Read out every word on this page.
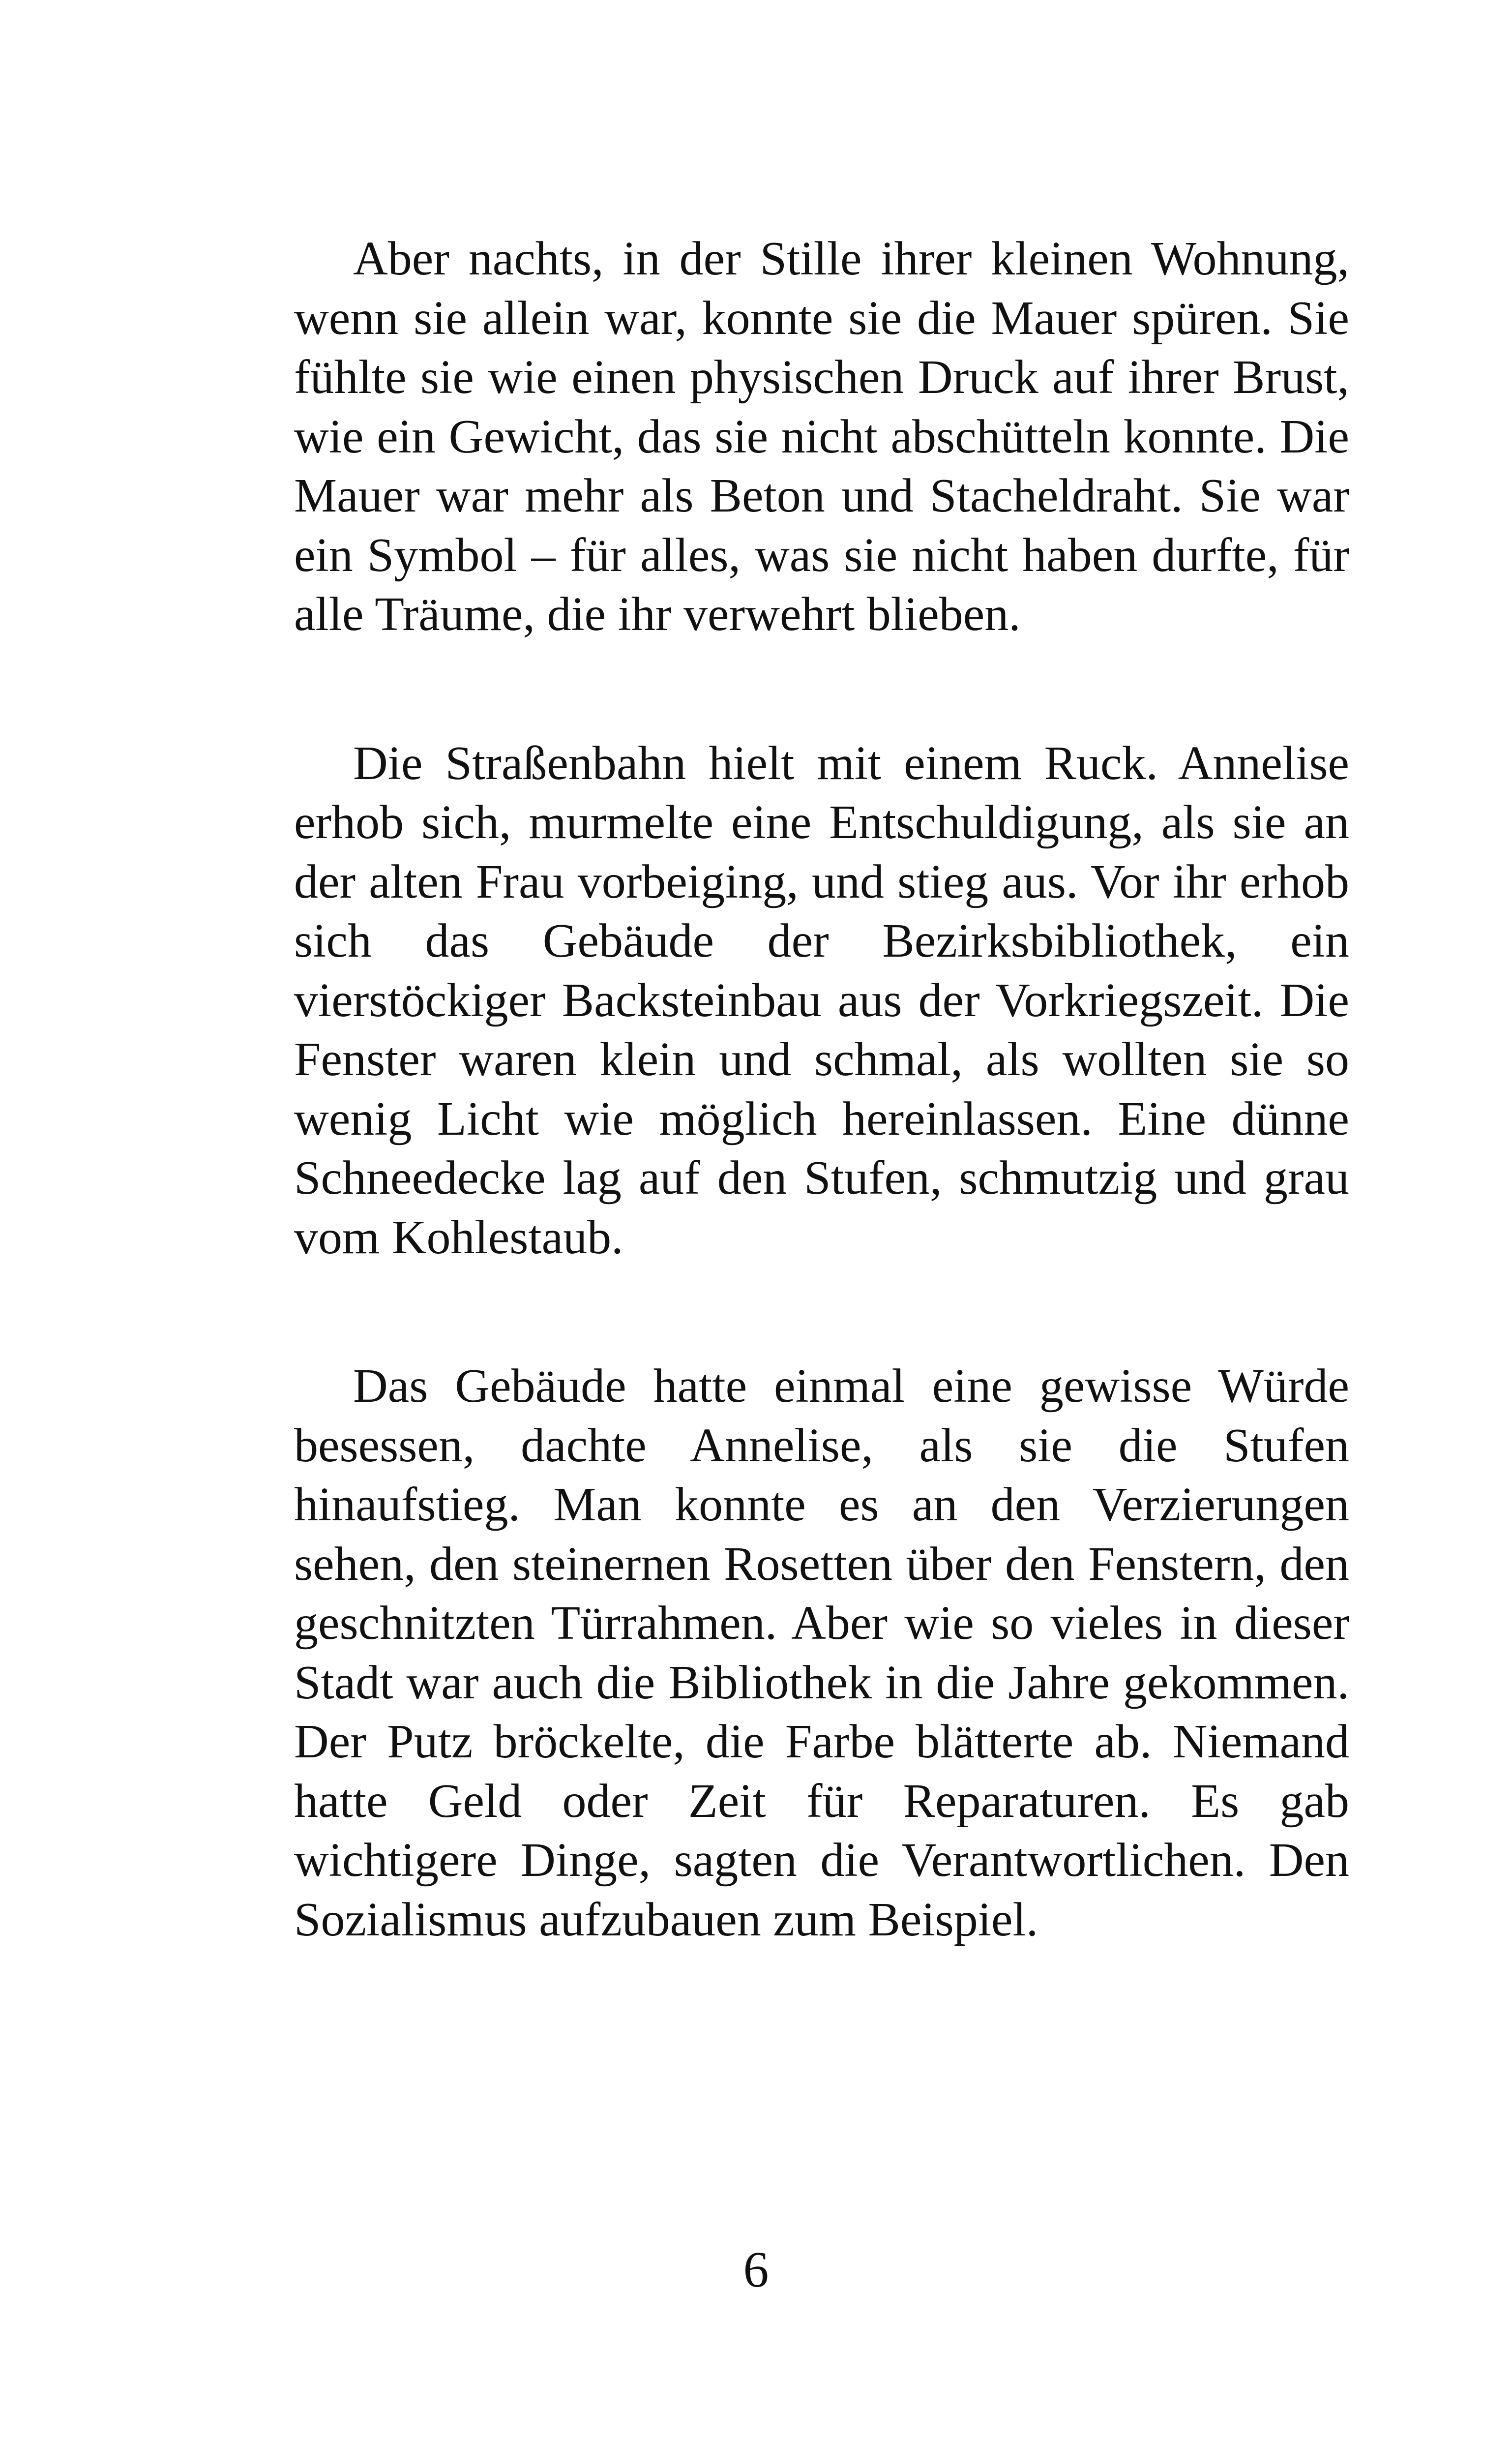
Aber nachts, in der Stille ihrer kleinen Wohnung, wenn sie allein war, konnte sie die Mauer spüren. Sie fühlte sie wie einen physischen Druck auf ihrer Brust, wie ein Gewicht, das sie nicht abschütteln konnte. Die Mauer war mehr als Beton und Stacheldraht. Sie war ein Symbol – für alles, was sie nicht haben durfte, für alle Träume, die ihr verwehrt blieben.

Die Straßenbahn hielt mit einem Ruck. Annelise erhob sich, murmelte eine Entschuldigung, als sie an der alten Frau vorbeiging, und stieg aus. Vor ihr erhob sich das Gebäude der Bezirksbibliothek, ein vierstöckiger Backsteinbau aus der Vorkriegszeit. Die Fenster waren klein und schmal, als wollten sie so wenig Licht wie möglich hereinlassen. Eine dünne Schneedecke lag auf den Stufen, schmutzig und grau vom Kohlestaub.

Das Gebäude hatte einmal eine gewisse Würde besessen, dachte Annelise, als sie die Stufen hinaufstieg. Man konnte es an den Verzierungen sehen, den steinernen Rosetten über den Fenstern, den geschnitzten Türrahmen. Aber wie so vieles in dieser Stadt war auch die Bibliothek in die Jahre gekommen. Der Putz bröckelte, die Farbe blätterte ab. Niemand hatte Geld oder Zeit für Reparaturen. Es gab wichtigere Dinge, sagten die Verantwortlichen. Den Sozialismus aufzubauen zum Beispiel.

6
